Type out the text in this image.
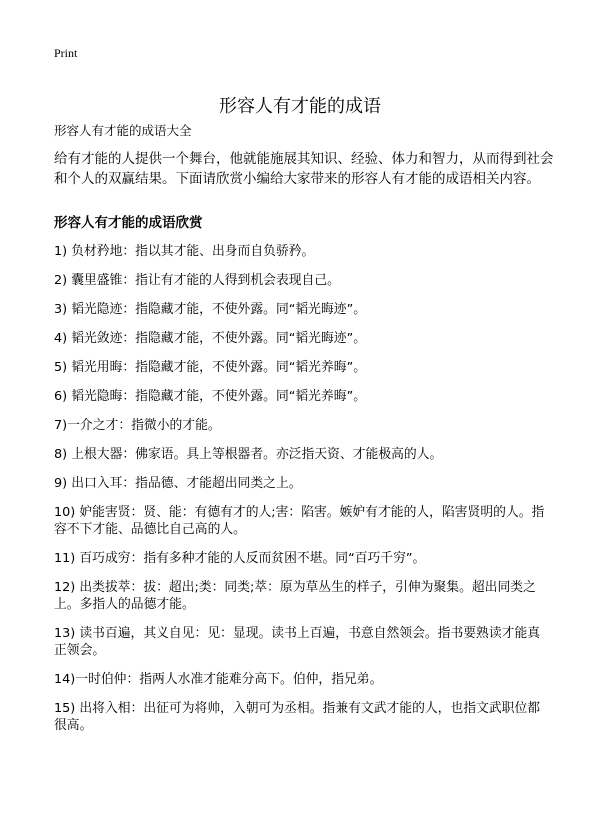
Print
形容人有才能的成语
形容人有才能的成语大全

给有才能的人提供一个舞台，他就能施展其知识、经验、体力和智力，从而得到社会和个人的双赢结果。下面请欣赏小编给大家带来的形容人有才能的成语相关内容。

形容人有才能的成语欣赏
1) 负材矜地：指以其才能、出身而自负骄矜。
2) 囊里盛锥：指让有才能的人得到机会表现自己。
3) 韬光隐迹：指隐藏才能，不使外露。同“韬光晦迹”。
4) 韬光敛迹：指隐藏才能，不使外露。同“韬光晦迹”。
5) 韬光用晦：指隐藏才能，不使外露。同“韬光养晦”。
6) 韬光隐晦：指隐藏才能，不使外露。同“韬光养晦”。
7)一介之才：指微小的才能。
8) 上根大器：佛家语。具上等根器者。亦泛指天资、才能极高的人。
9) 出口入耳：指品德、才能超出同类之上。
10) 妒能害贤：贤、能：有德有才的人;害：陷害。嫉妒有才能的人，陷害贤明的人。指容不下才能、品德比自己高的人。
11) 百巧成穷：指有多种才能的人反而贫困不堪。同“百巧千穷”。
12) 出类拔萃：拔：超出;类：同类;萃：原为草丛生的样子，引伸为聚集。超出同类之上。多指人的品德才能。
13) 读书百遍，其义自见：见：显现。读书上百遍，书意自然领会。指书要熟读才能真正领会。
14)一时伯仲：指两人水准才能难分高下。伯仲，指兄弟。
15) 出将入相：出征可为将帅，入朝可为丞相。指兼有文武才能的人，也指文武职位都很高。
